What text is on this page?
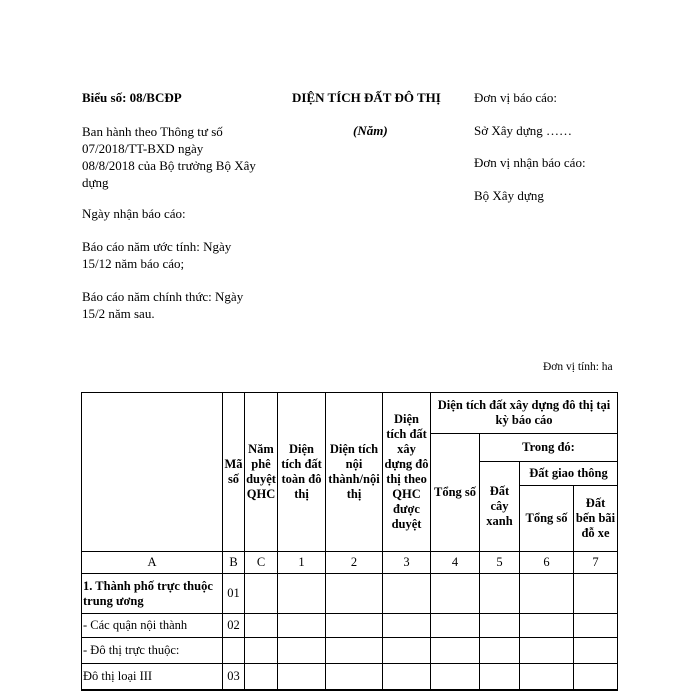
Biểu số: 08/BCĐP	DIỆN TÍCH ĐẤT ĐÔ THỊ
(Năm)
Ban hành theo Thông tư số
07/2018/TT-BXD ngày
08/8/2018 của Bộ trưởng Bộ Xây
dựng
Ngày nhận báo cáo:
Báo cáo năm ước tính: Ngày
15/12 năm báo cáo;
Báo cáo năm chính thức: Ngày
15/2 năm sau.
Đơn vị báo cáo:
Sở Xây dựng ……
Đơn vị nhận báo cáo:
Bộ Xây dựng
Đơn vị tính: ha
	Mã số	Năm phê duyệt QHC	Diện tích đất toàn đô thị	Diện tích nội thành/nội thị	Diện tích đất xây dựng đô thị theo QHC được duyệt	Diện tích đất xây dựng đô thị tại kỳ báo cáo			
						Tổng số	Trong đó:		
							Đất cây xanh	Đất giao thông	
								Tổng số	Đất bến bãi đỗ xe
A	B	C	1	2	3	4	5	6	7
1. Thành phố trực thuộc trung ương	01								
- Các quận nội thành	02								
- Đô thị trực thuộc:									
Đô thị loại III	03								
